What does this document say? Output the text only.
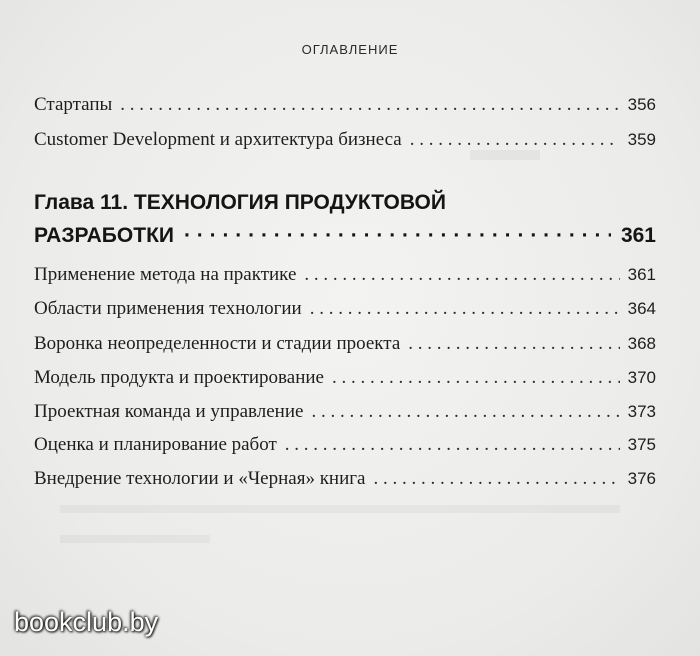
ОГЛАВЛЕНИЕ
Стартапы . . .	356
Customer Development и архитектура бизнеса . . .	359
Глава 11. ТЕХНОЛОГИЯ ПРОДУКТОВОЙ
РАЗРАБОТКИ · · ·	361
Применение метода на практике . . .	361
Области применения технологии . . .	364
Воронка неопределенности и стадии проекта . . .	368
Модель продукта и проектирование . . .	370
Проектная команда и управление . . .	373
Оценка и планирование работ . . .	375
Внедрение технологии и «Черная» книга . . .	376
bookclub.by
